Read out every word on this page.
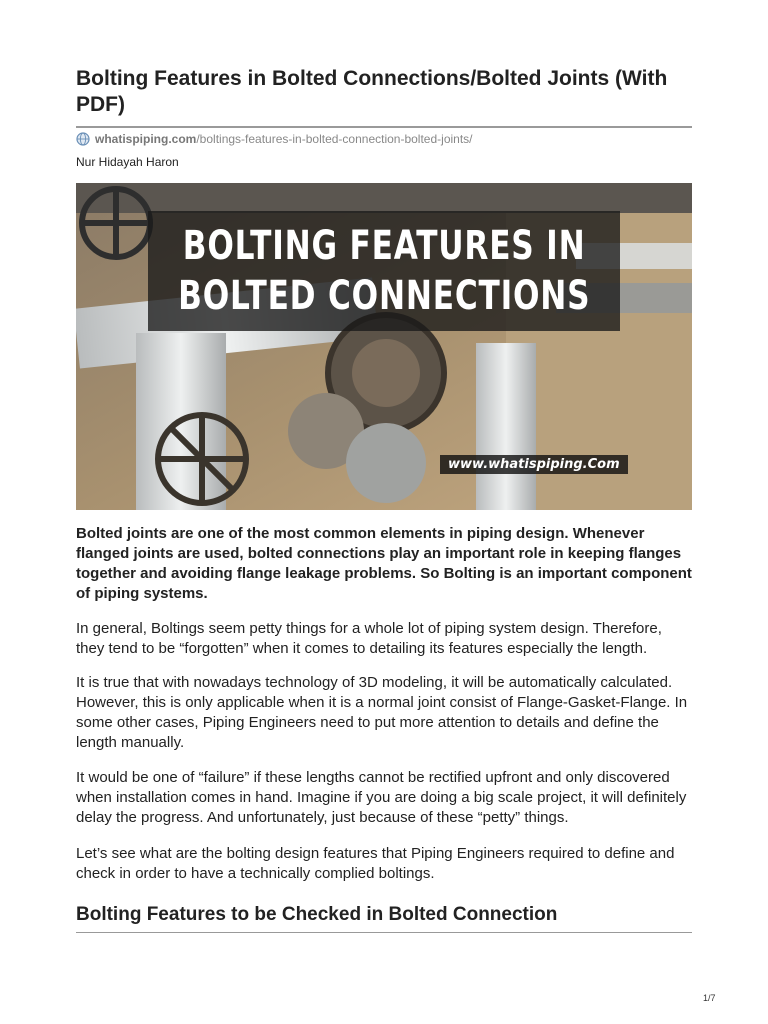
Bolting Features in Bolted Connections/Bolted Joints (With PDF)
whatispiping.com /boltings-features-in-bolted-connection-bolted-joints/
Nur Hidayah Haron
BOLTING FEATURES IN
BOLTED CONNECTIONS
www.whatispiping.Com

Bolted joints are one of the most common elements in piping design. Whenever flanged joints are used, bolted connections play an important role in keeping flanges together and avoiding flange leakage problems. So Bolting is an important component of piping systems.

In general, Boltings seem petty things for a whole lot of piping system design. Therefore, they tend to be “forgotten” when it comes to detailing its features especially the length.

It is true that with nowadays technology of 3D modeling, it will be automatically calculated. However, this is only applicable when it is a normal joint consist of Flange-Gasket-Flange. In some other cases, Piping Engineers need to put more attention to details and define the length manually.

It would be one of “failure” if these lengths cannot be rectified upfront and only discovered when installation comes in hand. Imagine if you are doing a big scale project, it will definitely delay the progress. And unfortunately, just because of these “petty” things.

Let’s see what are the bolting design features that Piping Engineers required to define and check in order to have a technically complied boltings.

Bolting Features to be Checked in Bolted Connection
1/7
